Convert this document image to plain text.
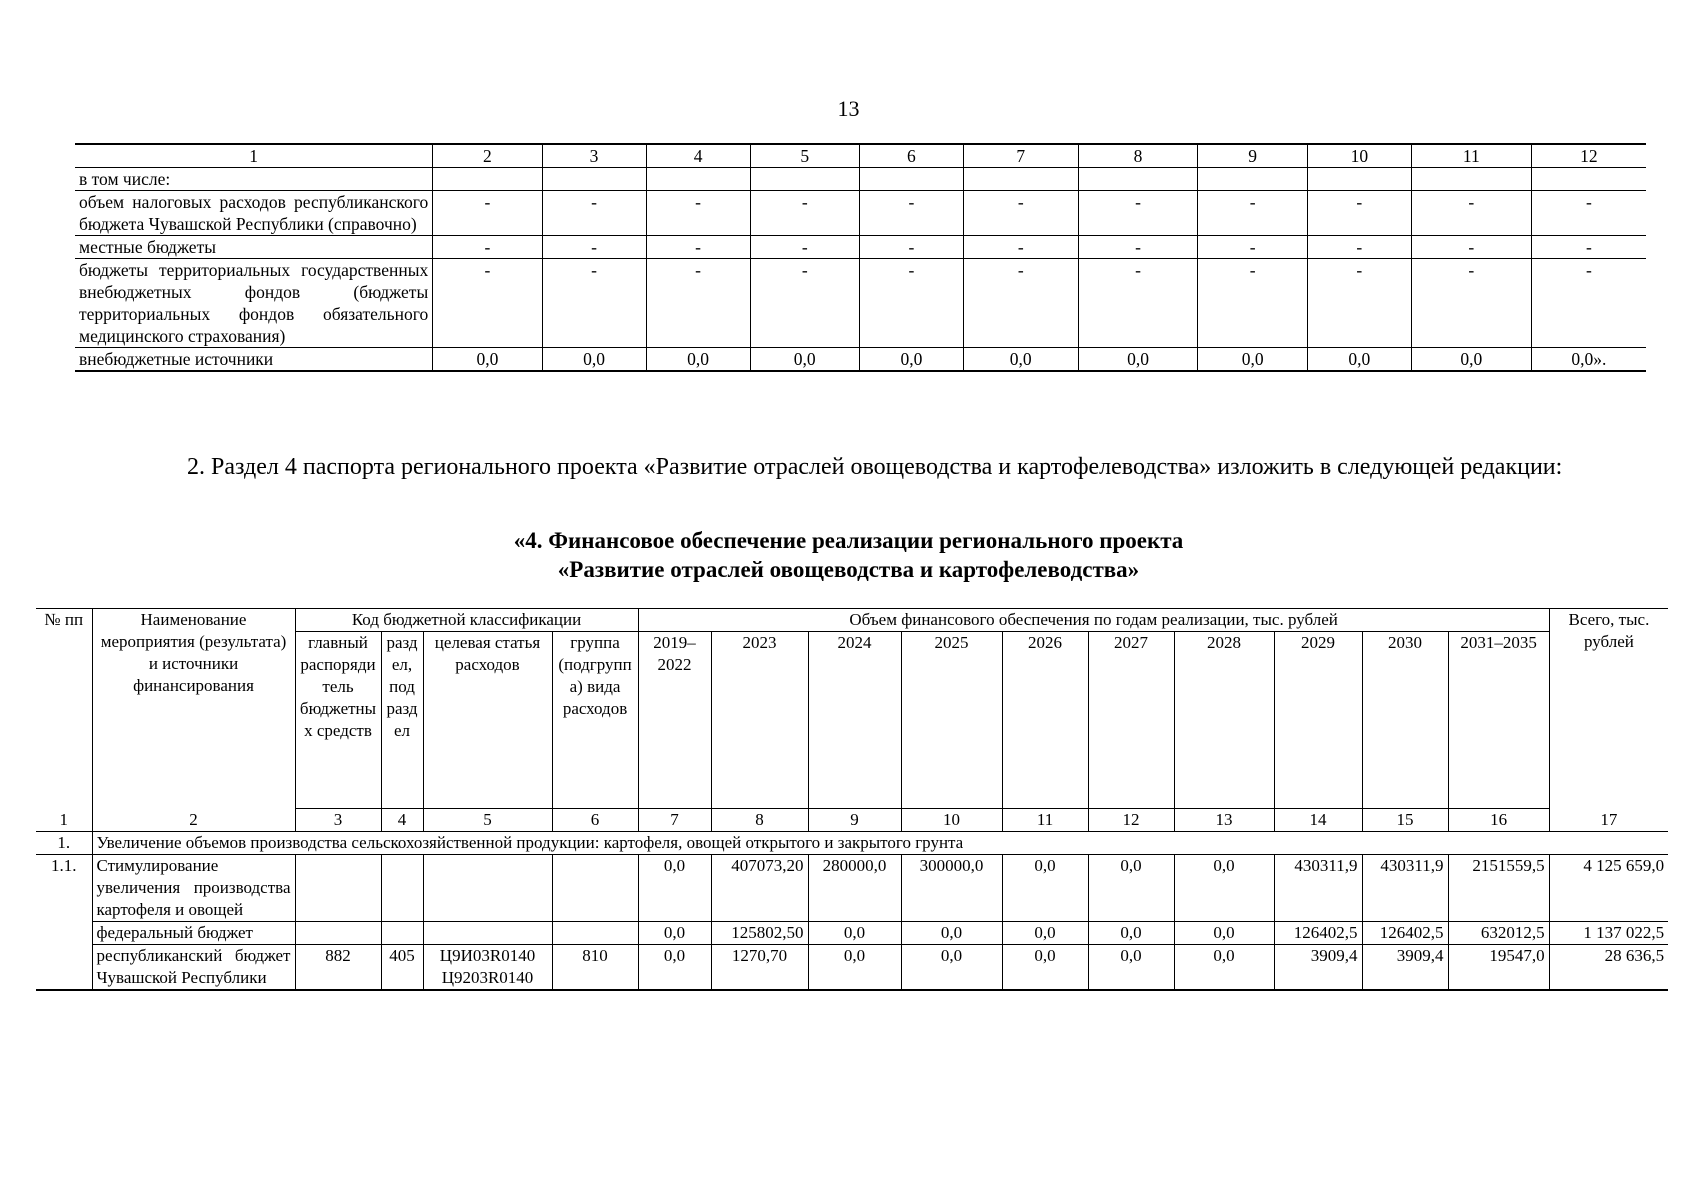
13
1	2	3	4	5	6	7	8	9	10	11	12
в том числе:											
объем налоговых расходов республиканского бюджета Чувашской Республики (справочно)	-	-	-	-	-	-	-	-	-	-	-
местные бюджеты	-	-	-	-	-	-	-	-	-	-	-
бюджеты территориальных государственных внебюджетных фондов (бюджеты территориальных фондов обязательного медицинского страхования)	-	-	-	-	-	-	-	-	-	-	-
внебюджетные источники	0,0	0,0	0,0	0,0	0,0	0,0	0,0	0,0	0,0	0,0	0,0».
2. Раздел 4 паспорта регионального проекта «Развитие отраслей овощеводства и картофелеводства» изложить в следующей редакции:
«4. Финансовое обеспечение реализации регионального проекта
«Развитие отраслей овощеводства и картофелеводства»
№ пп	Наименование мероприятия (результата) и источники финансирования	Код бюджетной классификации				Объем финансового обеспечения по годам реализации, тыс. рублей										Всего, тыс. рублей
		главный распорядитель бюджетных средств	раздел, подраздел	целевая статья расходов	группа (подгруппа) вида расходов	2019–2022	2023	2024	2025	2026	2027	2028	2029	2030	2031–2035	
1	2	3	4	5	6	7	8	9	10	11	12	13	14	15	16	17
1.	Увеличение объемов производства сельскохозяйственной продукции: картофеля, овощей открытого и закрытого грунта															
1.1.	Стимулирование увеличения производства картофеля и овощей					0,0	407073,20	280000,0	300000,0	0,0	0,0	0,0	430311,9	430311,9	2151559,5	4 125 659,0
	федеральный бюджет					0,0	125802,50	0,0	0,0	0,0	0,0	0,0	126402,5	126402,5	632012,5	1 137 022,5
	республиканский бюджет Чувашской Республики	882	405	Ц9И03R0140 Ц9203R0140	810	0,0	1270,70	0,0	0,0	0,0	0,0	0,0	3909,4	3909,4	19547,0	28 636,5
